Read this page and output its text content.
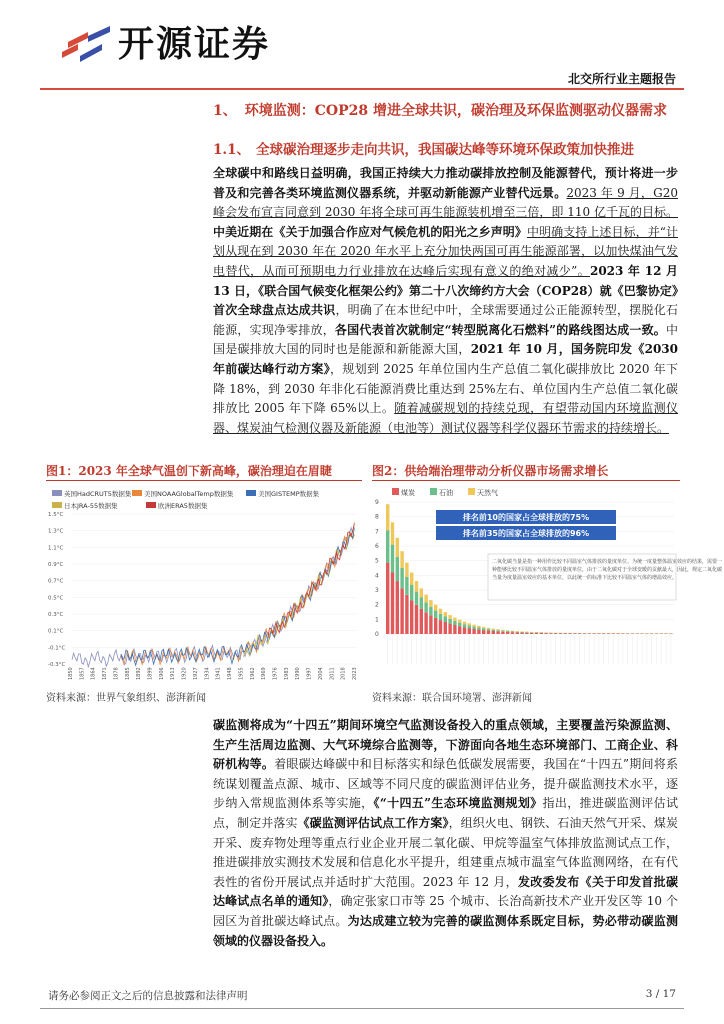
开源证券
北交所行业主题报告
1、 环境监测：COP28 增进全球共识，碳治理及环保监测驱动仪器需求
1.1、 全球碳治理逐步走向共识，我国碳达峰等环境环保政策加快推进
全球碳中和路线日益明确，我国正持续大力推动碳排放控制及能源替代，预计将进一步普及和完善各类环境监测仪器系统，并驱动新能源产业替代远景。2023 年 9 月，G20 峰会发布宣言同意到 2030 年将全球可再生能源装机增至三倍，即 110 亿千瓦的目标。中美近期在《关于加强合作应对气候危机的阳光之乡声明》中明确支持上述目标，并“计划从现在到 2030 年在 2020 年水平上充分加快两国可再生能源部署，以加快煤油气发电替代，从而可预期电力行业排放在达峰后实现有意义的绝对减少”。2023 年 12 月 13 日，《联合国气候变化框架公约》第二十八次缔约方大会（COP28）就《巴黎协定》首次全球盘点达成共识，明确了在本世纪中叶，全球需要通过公正能源转型，摆脱化石能源，实现净零排放，各国代表首次就制定“转型脱离化石燃料”的路线图达成一致。中国是碳排放大国的同时也是能源和新能源大国，2021 年 10 月，国务院印发《2030 年前碳达峰行动方案》，规划到 2025 年单位国内生产总值二氧化碳排放比 2020 年下降 18%，到 2030 年非化石能源消费比重达到 25%左右、单位国内生产总值二氧化碳排放比 2005 年下降 65%以上。随着减碳规划的持续兑现，有望带动国内环境监测仪器、煤炭油气检测仪器及新能源（电池等）测试仪器等科学仪器环节需求的持续增长。
图1：2023 年全球气温创下新高峰，碳治理迫在眉睫
英国HadCRUT5数据集 美国NOAAGlobalTemp数据集	美国GISTEMP数据集
日本JRA-55数据集	欧洲ERA5数据集
1.5°C
1.3°C
1.1°C
0.9°C
0.7°C
0.5°C
0.3°C
0.1°C
-0.1°C
-0.3°C
1850 1857 1864 1871 1878 1885 1892 1899 1906 1913 1920 1927 1934 1941 1948 1955 1962 1969 1976 1983 1990 1997 2004 2011 2018 2023
资料来源：世界气象组织、澎湃新闻
图2：供给端治理带动分析仪器市场需求增长
煤炭	石油	天然气
9
8
7
6
5
4
3
2
1
0
排名前10的国家占全球排放的75%
排名前35的国家占全球排放的96%
二氧化碳当量是指一种用作比较不同温室气体排放的量度单位。为统一度量整体温室效应的结果，需要一
种能够比较不同温室气体排放的量度单位，由于二氧化碳对于全球变暖的贡献最大，因此，规定二氧化碳
当量为度量温室效应的基本单位，以此统一的标准下比较不同温室气体的增温效应。
资料来源：联合国环境署、澎湃新闻
碳监测将成为“十四五”期间环境空气监测设备投入的重点领域，主要覆盖污染源监测、生产生活周边监测、大气环境综合监测等，下游面向各地生态环境部门、工商企业、科研机构等。着眼碳达峰碳中和目标落实和绿色低碳发展需要，我国在“十四五”期间将系统谋划覆盖点源、城市、区域等不同尺度的碳监测评估业务，提升碳监测技术水平，逐步纳入常规监测体系等实施，《“十四五”生态环境监测规划》指出，推进碳监测评估试点，制定并落实《碳监测评估试点工作方案》，组织火电、钢铁、石油天然气开采、煤炭开采、废弃物处理等重点行业企业开展二氧化碳、甲烷等温室气体排放监测试点工作，推进碳排放实测技术发展和信息化水平提升，组建重点城市温室气体监测网络，在有代表性的省份开展试点并适时扩大范围。2023 年 12 月，发改委发布《关于印发首批碳达峰试点名单的通知》，确定张家口市等 25 个城市、长治高新技术产业开发区等 10 个园区为首批碳达峰试点。为达成建立较为完善的碳监测体系既定目标，势必带动碳监测领域的仪器设备投入。
请务必参阅正文之后的信息披露和法律声明	3 / 17
